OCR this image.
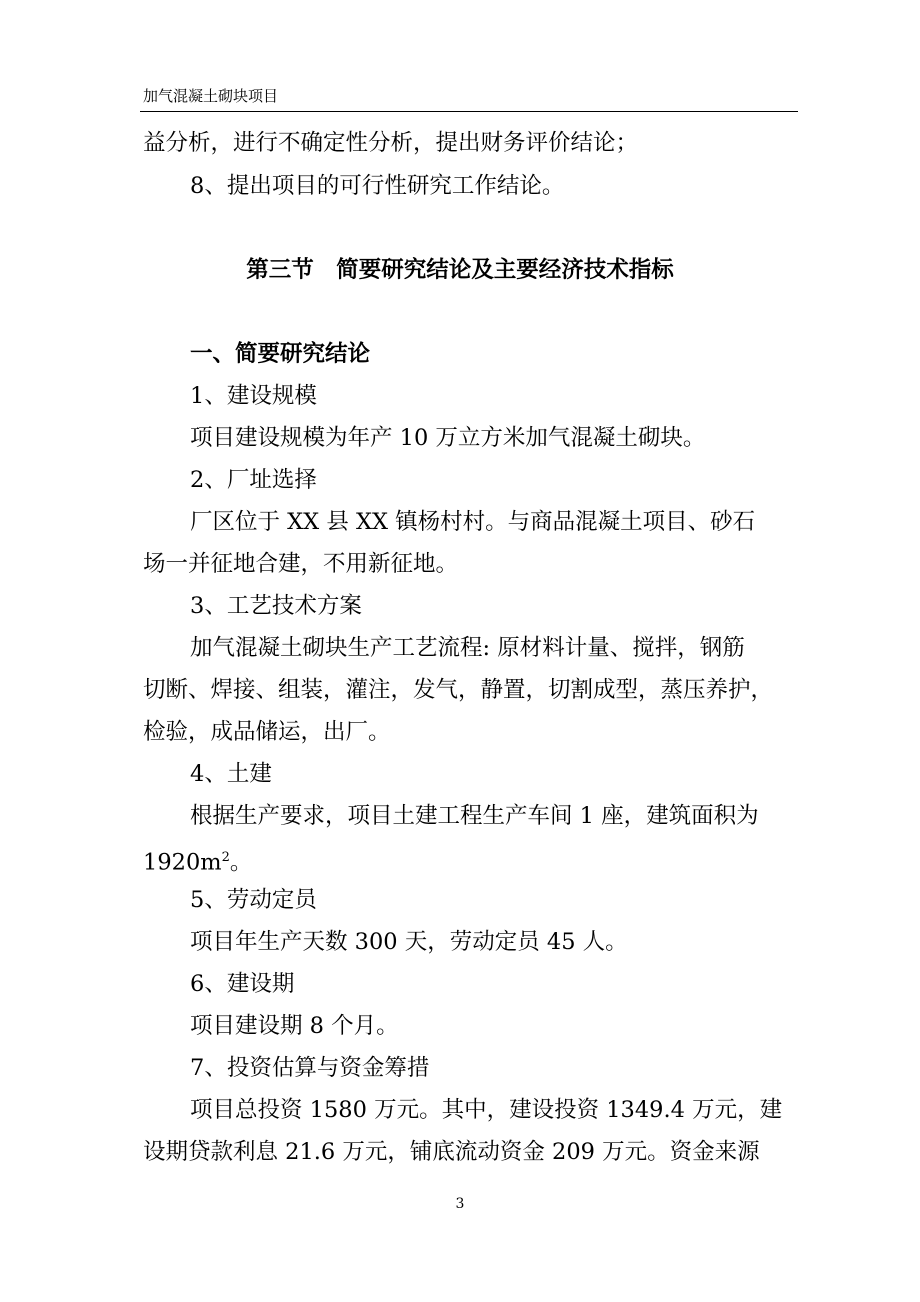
加气混凝土砌块项目
益分析，进行不确定性分析，提出财务评价结论；
8、提出项目的可行性研究工作结论。
第三节　简要研究结论及主要经济技术指标
一、简要研究结论
1、建设规模
项目建设规模为年产 10 万立方米加气混凝土砌块。
2、厂址选择
厂区位于 XX 县 XX 镇杨村村。与商品混凝土项目、砂石
场一并征地合建，不用新征地。
3、工艺技术方案
加气混凝土砌块生产工艺流程: 原材料计量、搅拌，钢筋
切断、焊接、组装，灌注，发气，静置，切割成型，蒸压养护，
检验，成品储运，出厂。
4、土建
根据生产要求，项目土建工程生产车间 1 座，建筑面积为
$1920m^2$。
5、劳动定员
项目年生产天数 300 天，劳动定员 45 人。
6、建设期
项目建设期 8 个月。
7、投资估算与资金筹措
项目总投资 1580 万元。其中，建设投资 1349.4 万元，建
设期贷款利息 21.6 万元，铺底流动资金 209 万元。资金来源
3
